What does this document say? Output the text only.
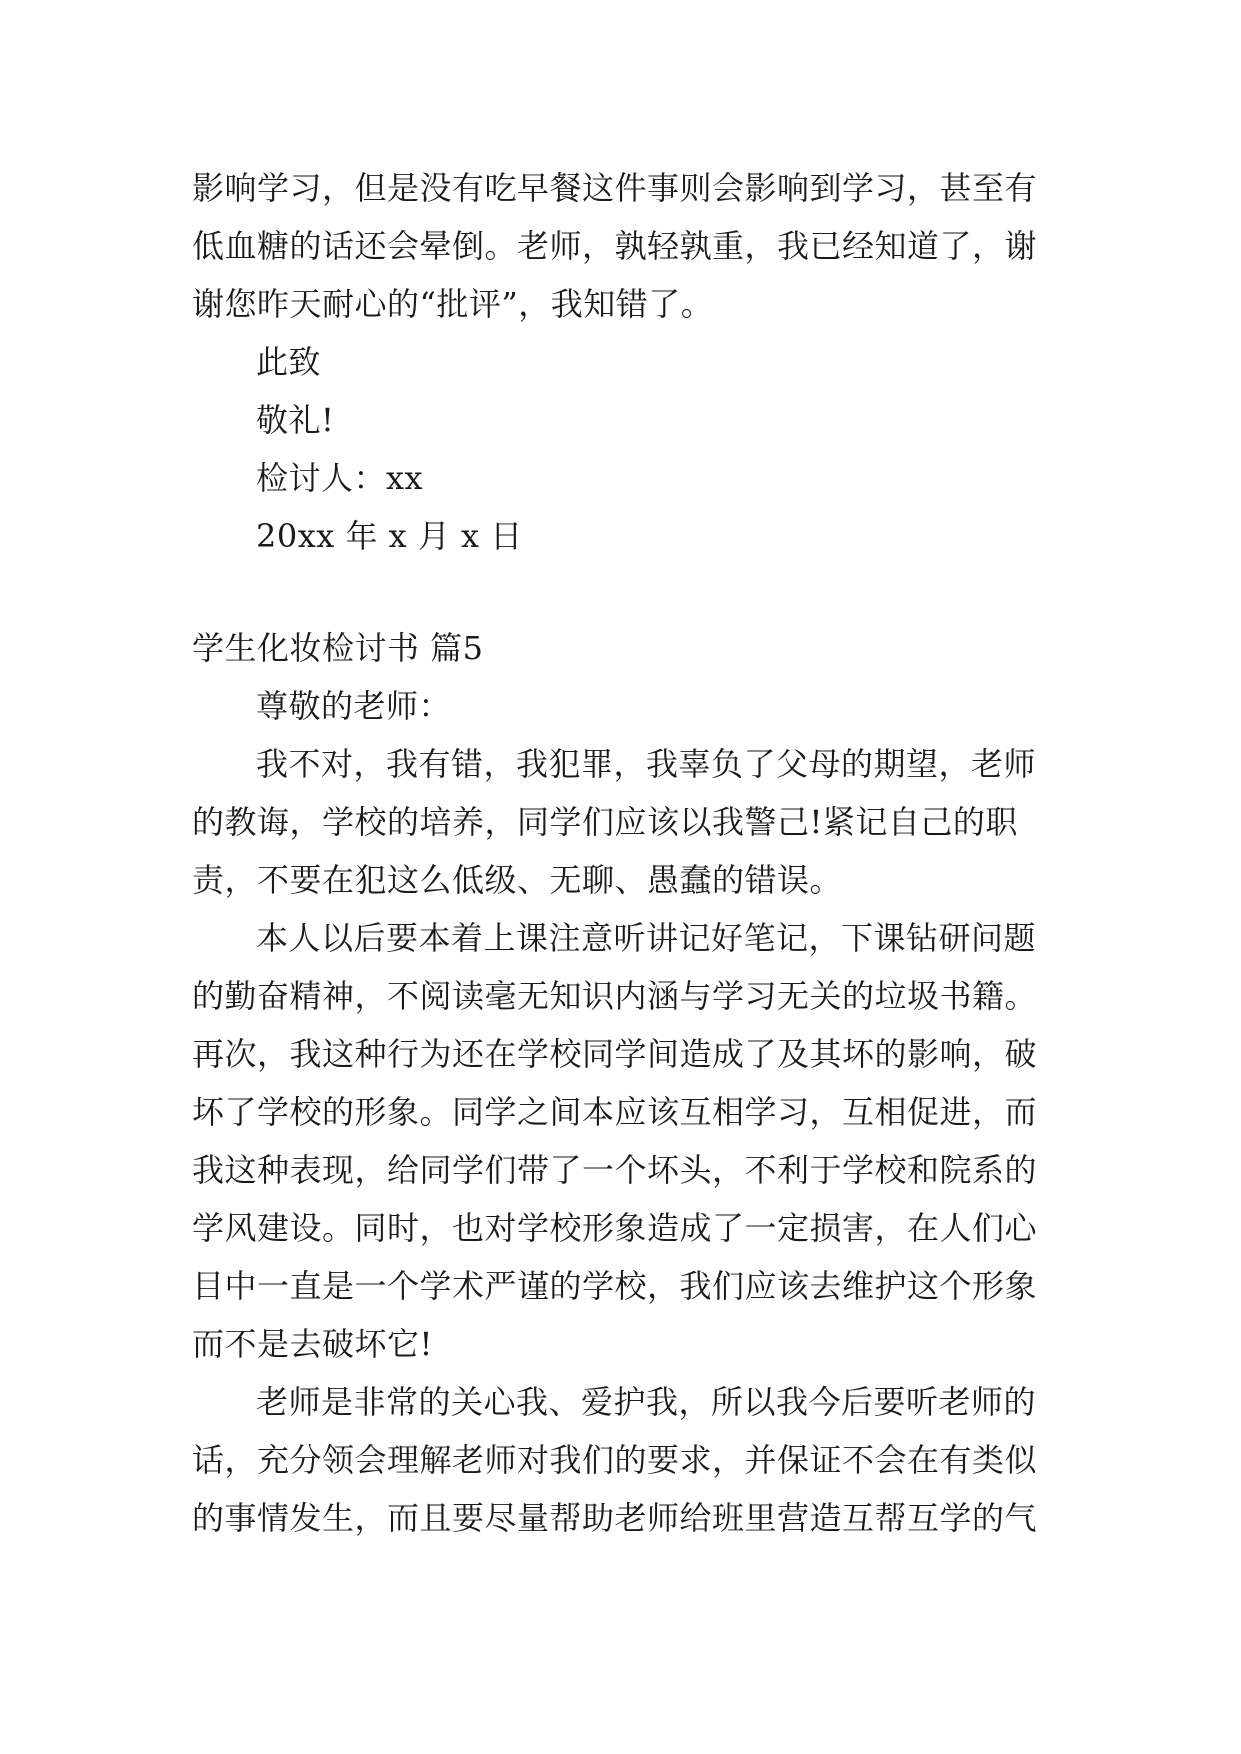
影响学习，但是没有吃早餐这件事则会影响到学习，甚至有
低血糖的话还会晕倒。老师，孰轻孰重，我已经知道了，谢
谢您昨天耐心的“批评”，我知错了。
此致
敬礼!
检讨人：xx
20xx 年 x 月 x 日
学生化妆检讨书 篇5
尊敬的老师：
我不对，我有错，我犯罪，我辜负了父母的期望，老师
的教诲，学校的培养，同学们应该以我警己!紧记自己的职
责，不要在犯这么低级、无聊、愚蠢的错误。
本人以后要本着上课注意听讲记好笔记，下课钻研问题
的勤奋精神，不阅读毫无知识内涵与学习无关的垃圾书籍。
再次，我这种行为还在学校同学间造成了及其坏的影响，破
坏了学校的形象。同学之间本应该互相学习，互相促进，而
我这种表现，给同学们带了一个坏头，不利于学校和院系的
学风建设。同时，也对学校形象造成了一定损害，在人们心
目中一直是一个学术严谨的学校，我们应该去维护这个形象
而不是去破坏它!
老师是非常的关心我、爱护我，所以我今后要听老师的
话，充分领会理解老师对我们的要求，并保证不会在有类似
的事情发生，而且要尽量帮助老师给班里营造互帮互学的气
